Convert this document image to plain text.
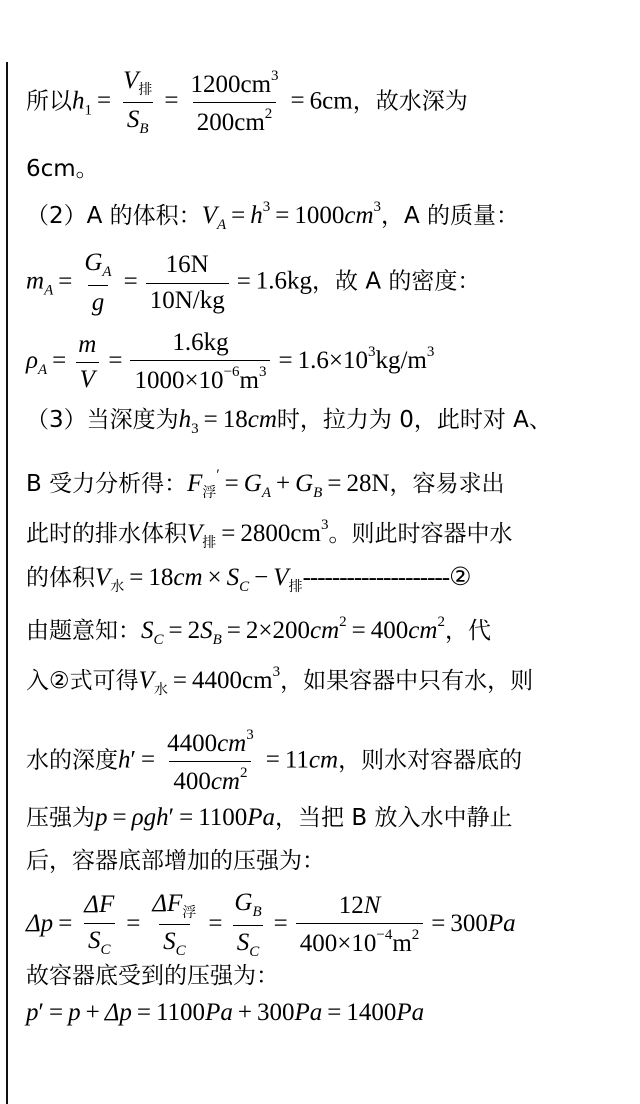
所以$h_1 = \frac{V_排}{S_B} = \frac{1200cm^3}{200cm^2} = 6cm$，故水深为
6cm。
（2）A 的体积：$V_A = h^3 = 1000cm^3$，A 的质量：
$m_A = \frac{G_A}{g} = \frac{16N}{10N/kg} = 1.6kg$，故 A 的密度：
$\rho_A = \frac{m}{V} = \frac{1.6kg}{1000\times 10^{-6}m^3} = 1.6\times 10^3kg/m^3$
（3）当深度为$h_3 = 18cm$时，拉力为 0，此时对 A、
B 受力分析得：$F_浮' = G_A + G_B = 28N$，容易求出
此时的排水体积$V_排 = 2800cm^3$。则此时容器中水
的体积$V_水 = 18cm \times S_C$ − $V_排--------------------②$
由题意知：$S_C = 2S_B = 2\times 200cm^2 = 400cm^2$，代
入②式可得$V_水 = 4400cm^3$，如果容器中只有水，则
水的深度$h' = \frac{4400cm^3}{400cm^2} = 11cm$，则水对容器底的
压强为p = ρgh′ = 1100Pa，当把 B 放入水中静止
后，容器底部增加的压强为：
$\Delta p = \frac{\Delta F}{S_C} = \frac{\Delta F_浮}{S_C} = \frac{G_B}{S_C} = \frac{12N}{400\times 10^{-4}m^2} = 300Pa$
故容器底受到的压强为：
p′ = p + Δp = 1100Pa + 300Pa = 1400Pa
